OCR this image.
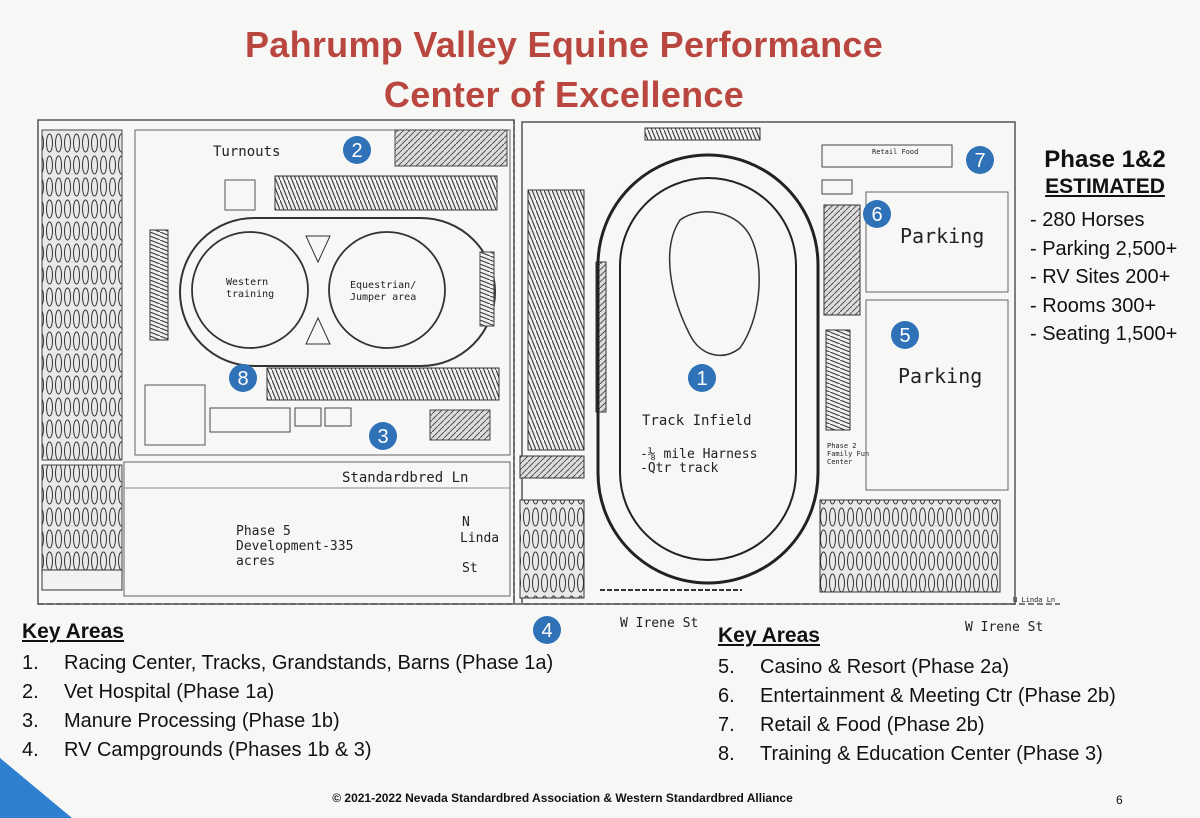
Pahrump Valley Equine Performance
Center of Excellence
Turnouts
Western
training
Equestrian/
Jumper area
Standardbred Ln
Phase 5
Development-335
acres
N
Linda
St
Track Infield
-⅛ mile Harness
-Qtr track
Retail Food
Parking
Parking
Phase 2
Family Fun
Center
W Irene St	W Irene St
N Linda Ln
1
2
3
4
5
6
7
8
Phase 1&2
ESTIMATED
- 280 Horses
- Parking 2,500+
- RV Sites 200+
- Rooms 300+
- Seating 1,500+
Key Areas
1. Racing Center, Tracks, Grandstands, Barns (Phase 1a)
2. Vet Hospital (Phase 1a)
3. Manure Processing (Phase 1b)
4. RV Campgrounds (Phases 1b & 3)
Key Areas
5. Casino & Resort (Phase 2a)
6. Entertainment & Meeting Ctr (Phase 2b)
7. Retail & Food (Phase 2b)
8. Training & Education Center (Phase 3)
© 2021-2022 Nevada Standardbred Association & Western Standardbred Alliance	6
